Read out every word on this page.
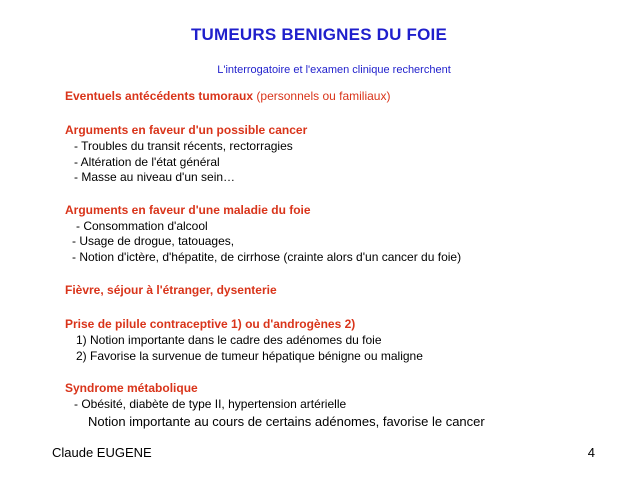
TUMEURS BENIGNES DU FOIE
L'interrogatoire et l'examen clinique recherchent
Eventuels antécédents tumoraux (personnels ou familiaux)
Arguments en faveur d'un possible cancer
- Troubles du transit récents, rectorragies
- Altération de l'état général
- Masse au niveau d'un sein…
Arguments en faveur d'une maladie du foie
- Consommation d'alcool
- Usage de drogue, tatouages,
- Notion d'ictère, d'hépatite, de cirrhose (crainte alors d'un cancer du foie)
Fièvre, séjour à l'étranger, dysenterie
Prise de pilule contraceptive 1) ou d'androgènes 2)
1) Notion importante dans le cadre des adénomes du foie
2) Favorise la survenue de tumeur hépatique bénigne ou maligne
Syndrome métabolique
- Obésité, diabète de type II, hypertension artérielle
Notion importante au cours de certains adénomes, favorise le cancer
Claude EUGENE	4
